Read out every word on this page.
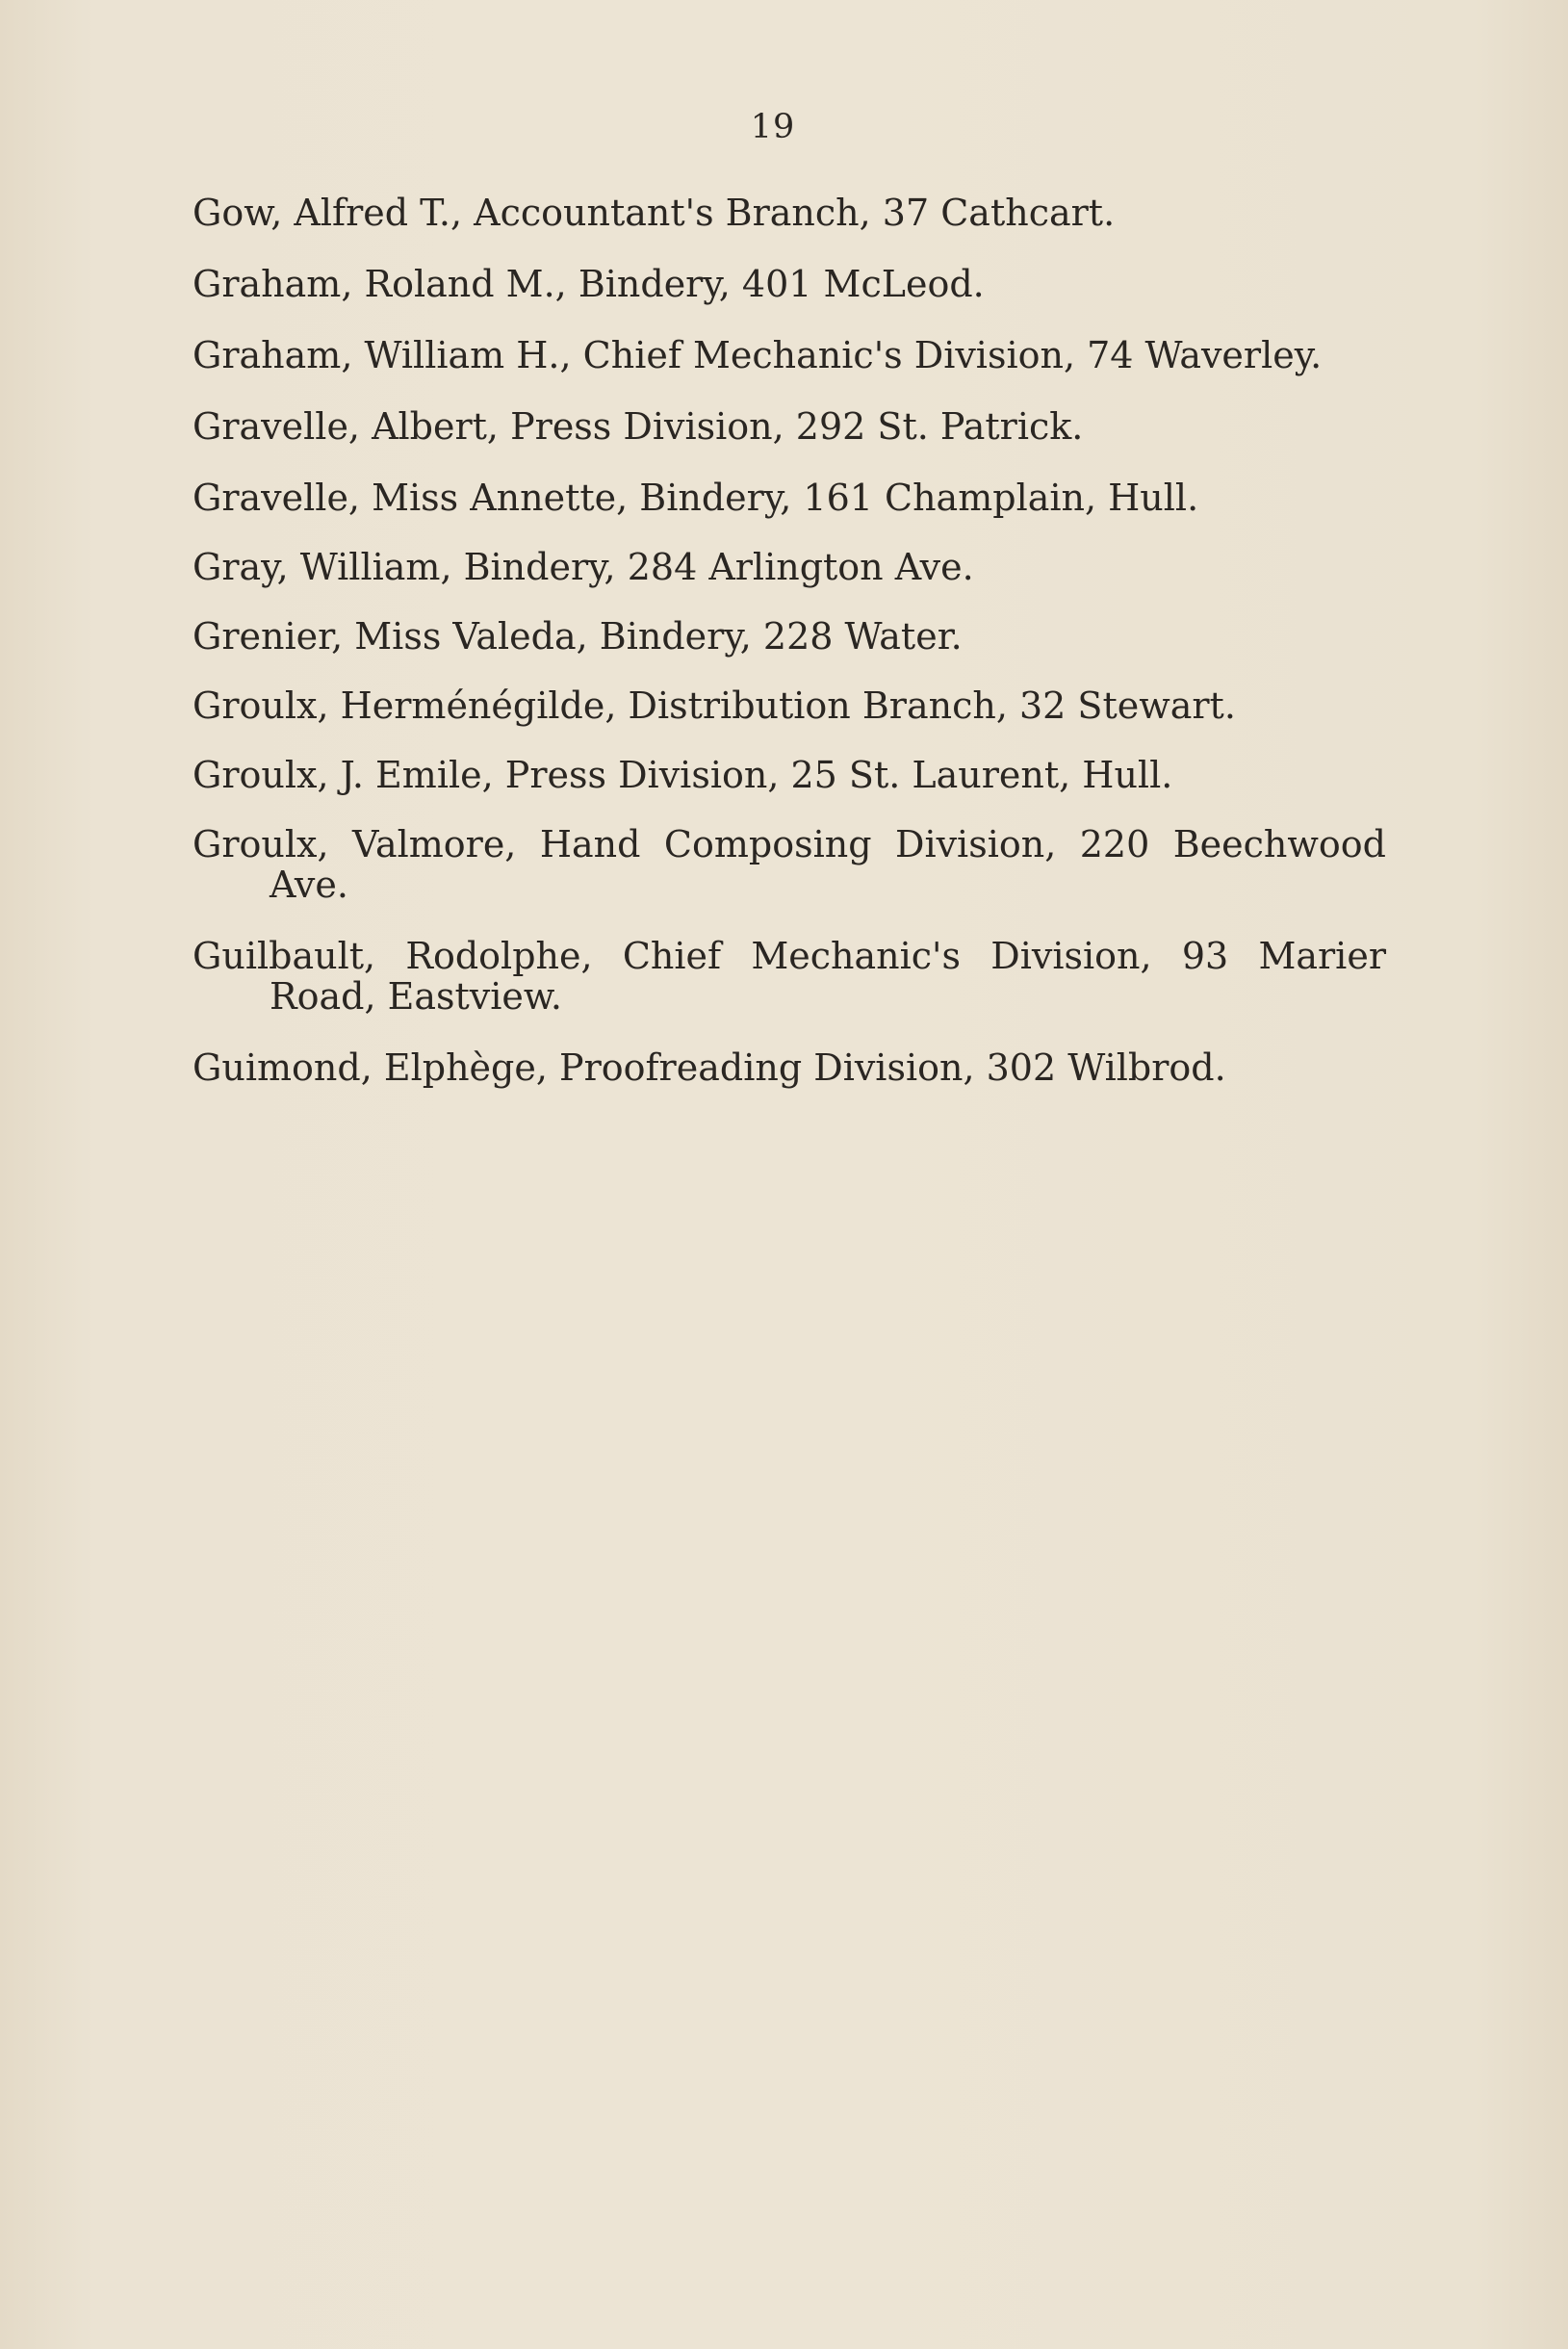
19

Gow, Alfred T., Accountant's Branch, 37 Cathcart.

Graham, Roland M., Bindery, 401 McLeod.

Graham, William H., Chief Mechanic's Division, 74 Waverley.

Gravelle, Albert, Press Division, 292 St. Patrick.

Gravelle, Miss Annette, Bindery, 161 Champlain, Hull.

Gray, William, Bindery, 284 Arlington Ave.

Grenier, Miss Valeda, Bindery, 228 Water.

Groulx, Herménégilde, Distribution Branch, 32 Stewart.

Groulx, J. Emile, Press Division, 25 St. Laurent, Hull.

Groulx, Valmore, Hand Composing Division, 220 Beechwood Ave.

Guilbault, Rodolphe, Chief Mechanic's Division, 93 Marier Road, Eastview.

Guimond, Elphège, Proofreading Division, 302 Wilbrod.
